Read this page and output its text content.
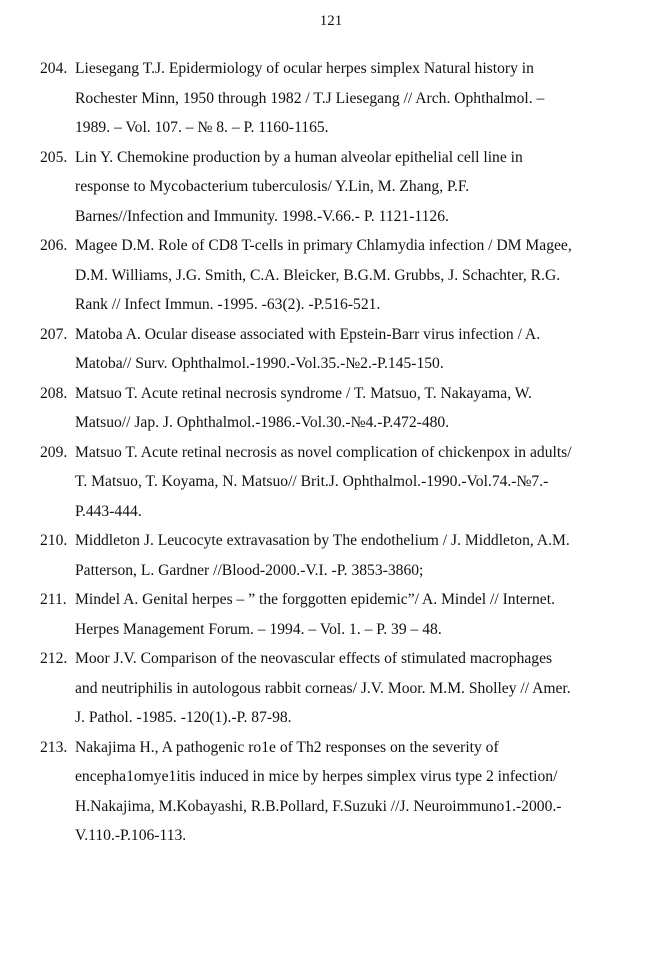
121
204. Liesegang T.J. Epidermiology of ocular herpes simplex Natural history in
Rochester Minn, 1950 through 1982 / T.J Liesegang // Arch. Ophthalmol. –
1989. – Vol. 107. – № 8. – P. 1160-1165.
205. Lin Y. Chemokine production by a human alveolar epithelial cell line in
response to Mycobacterium tuberculosis/ Y.Lin, M. Zhang, P.F.
Barnes//Infection and Immunity. 1998.-V.66.- P. 1121-1126.
206. Magee D.M. Role of CD8 T-cells in primary Chlamydia infection / DM Magee,
D.M. Williams, J.G. Smith, C.A. Bleicker, B.G.M. Grubbs, J. Schachter, R.G.
Rank // Infect Immun. -1995. -63(2). -P.516-521.
207. Matoba A. Ocular disease associated with Epstein-Barr virus infection / A.
Matoba// Surv. Ophthalmol.-1990.-Vol.35.-№2.-P.145-150.
208. Matsuo T. Acute retinal necrosis syndrome / T. Matsuo, T. Nakayama, W.
Matsuo// Jap. J. Ophthalmol.-1986.-Vol.30.-№4.-P.472-480.
209. Matsuo T. Acute retinal necrosis as novel complication of chickenpox in adults/
T. Matsuo, T. Koyama, N. Matsuo// Brit.J. Ophthalmol.-1990.-Vol.74.-№7.-
P.443-444.
210. Middleton J. Leucocyte extravasation by The endothelium / J. Middleton, A.M.
Patterson, L. Gardner //Blood-2000.-V.I. -P. 3853-3860;
211. Mindel A. Genital herpes – ” the forggotten epidemic”/ A. Mindel // Internet.
Herpes Management Forum. – 1994. – Vol. 1. – P. 39 – 48.
212. Moor J.V. Comparison of the neovascular effects of stimulated macrophages
and neutriphilis in autologous rabbit corneas/ J.V. Moor. M.M. Sholley // Amer.
J. Pathol. -1985. -120(1).-P. 87-98.
213. Nakajima H., A pathogenic ro1e of Th2 responses on the severity of
encepha1omye1itis induced in mice by herpes simplex virus type 2 infection/
H.Nakajima, M.Kobayashi, R.B.Pollard, F.Suzuki //J. Neuroimmuno1.-2000.-
V.110.-P.106-113.
